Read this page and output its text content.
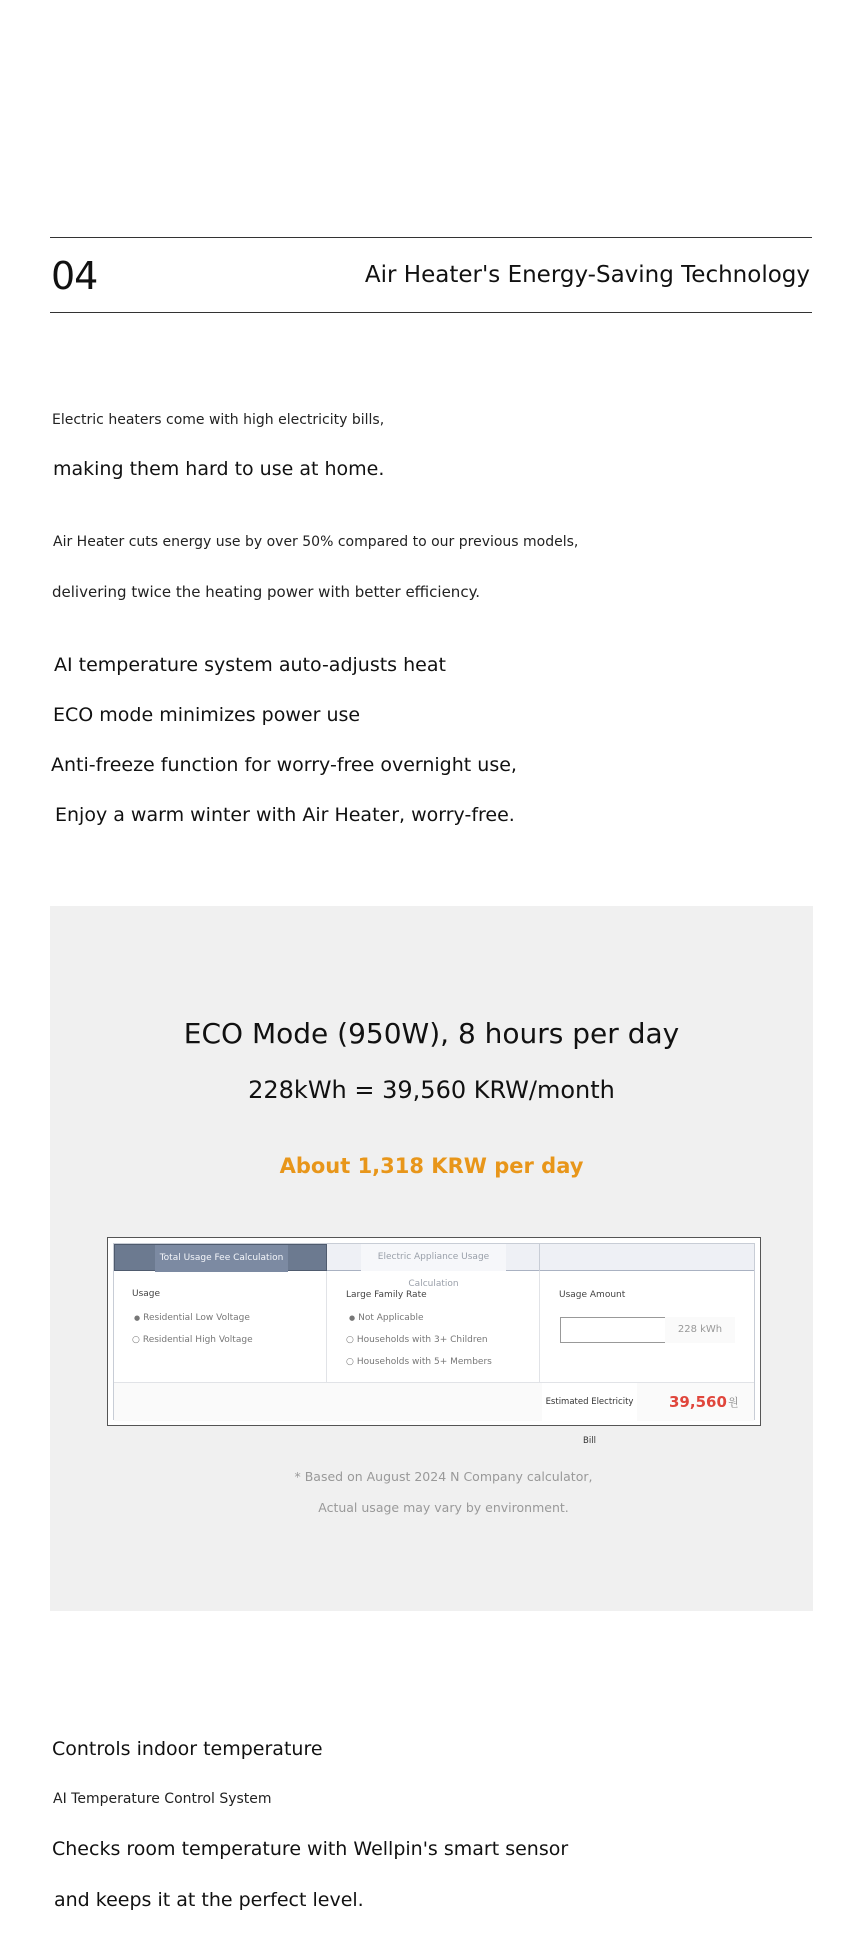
04	Air Heater's Energy-Saving Technology
Electric heaters come with high electricity bills,
making them hard to use at home.
Air Heater cuts energy use by over 50% compared to our previous models,
delivering twice the heating power with better efficiency.
AI temperature system auto-adjusts heat
ECO mode minimizes power use
Anti-freeze function for worry-free overnight use,
Enjoy a warm winter with Air Heater, worry-free.
ECO Mode (950W), 8 hours per day
228kWh = 39,560 KRW/month
About 1,318 KRW per day
Total Usage Fee Calculation	Electric Appliance Usage Calculation
Usage
● Residential Low Voltage
○ Residential High Voltage
Large Family Rate
● Not Applicable
○ Households with 3+ Children
○ Households with 5+ Members
Usage Amount
228 kWh
Estimated Electricity Bill
39,560 원
* Based on August 2024 N Company calculator,
Actual usage may vary by environment.
Controls indoor temperature
AI Temperature Control System
Checks room temperature with Wellpin's smart sensor
and keeps it at the perfect level.
